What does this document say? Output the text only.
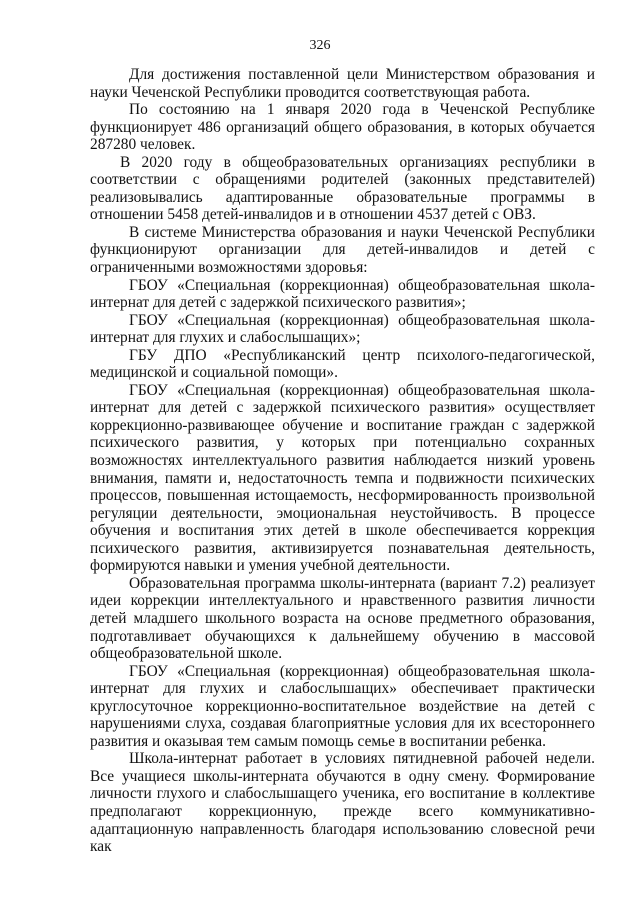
326

Для достижения поставленной цели Министерством образования и науки Чеченской Республики проводится соответствующая работа.

По состоянию на 1 января 2020 года в Чеченской Республике функционирует 486 организаций общего образования, в которых обучается 287280 человек.

В 2020 году в общеобразовательных организациях республики в соответствии с обращениями родителей (законных представителей) реализовывались адаптированные образовательные программы в отношении 5458 детей-инвалидов и в отношении 4537 детей с ОВЗ.

В системе Министерства образования и науки Чеченской Республики функционируют организации для детей-инвалидов и детей с ограниченными возможностями здоровья:

ГБОУ «Специальная (коррекционная) общеобразовательная школа-интернат для детей с задержкой психического развития»;

ГБОУ «Специальная (коррекционная) общеобразовательная школа-интернат для глухих и слабослышащих»;

ГБУ ДПО «Республиканский центр психолого-педагогической, медицинской и социальной помощи».

ГБОУ «Специальная (коррекционная) общеобразовательная школа-интернат для детей с задержкой психического развития» осуществляет коррекционно-развивающее обучение и воспитание граждан с задержкой психического развития, у которых при потенциально сохранных возможностях интеллектуального развития наблюдается низкий уровень внимания, памяти и, недостаточность темпа и подвижности психических процессов, повышенная истощаемость, несформированность произвольной регуляции деятельности, эмоциональная неустойчивость. В процессе обучения и воспитания этих детей в школе обеспечивается коррекция психического развития, активизируется познавательная деятельность, формируются навыки и умения учебной деятельности.

Образовательная программа школы-интерната (вариант 7.2) реализует идеи коррекции интеллектуального и нравственного развития личности детей младшего школьного возраста на основе предметного образования, подготавливает обучающихся к дальнейшему обучению в массовой общеобразовательной школе.

ГБОУ «Специальная (коррекционная) общеобразовательная школа-интернат для глухих и слабослышащих» обеспечивает практически круглосуточное коррекционно-воспитательное воздействие на детей с нарушениями слуха, создавая благоприятные условия для их всестороннего развития и оказывая тем самым помощь семье в воспитании ребенка.

Школа-интернат работает в условиях пятидневной рабочей недели. Все учащиеся школы-интерната обучаются в одну смену. Формирование личности глухого и слабослышащего ученика, его воспитание в коллективе предполагают коррекционную, прежде всего коммуникативно-адаптационную направленность благодаря использованию словесной речи как
